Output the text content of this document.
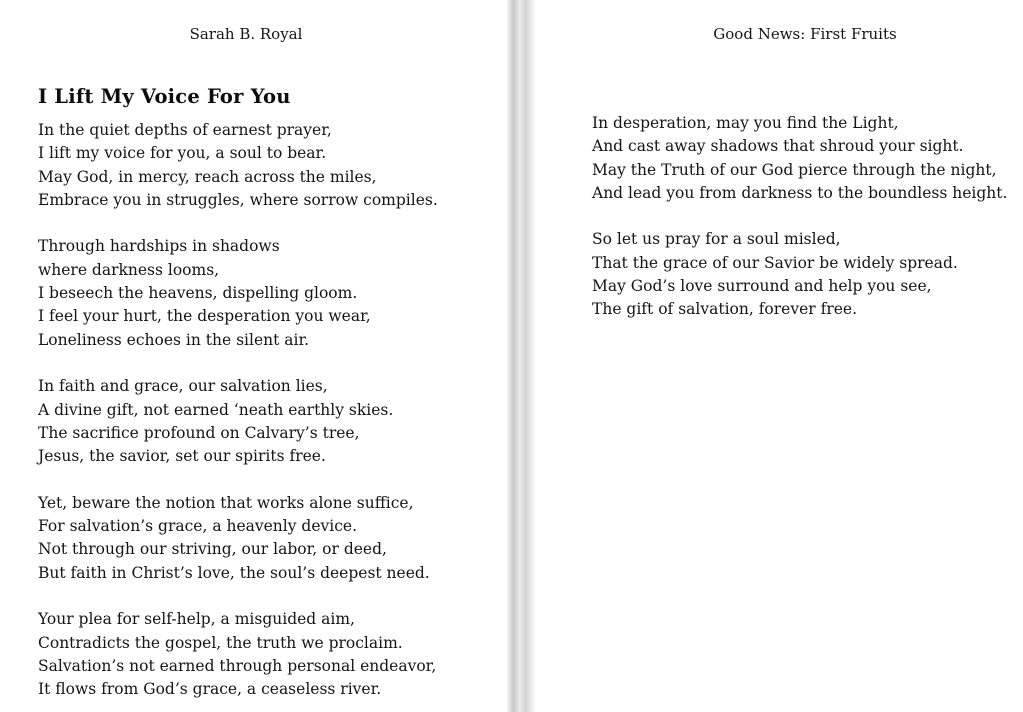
Sarah B. Royal
I Lift My Voice For You

In the quiet depths of earnest prayer,
I lift my voice for you, a soul to bear.
May God, in mercy, reach across the miles,
Embrace you in struggles, where sorrow compiles.

Through hardships in shadows
where darkness looms,
I beseech the heavens, dispelling gloom.
I feel your hurt, the desperation you wear,
Loneliness echoes in the silent air.

In faith and grace, our salvation lies,
A divine gift, not earned ‘neath earthly skies.
The sacrifice profound on Calvary’s tree,
Jesus, the savior, set our spirits free.

Yet, beware the notion that works alone suffice,
For salvation’s grace, a heavenly device.
Not through our striving, our labor, or deed,
But faith in Christ’s love, the soul’s deepest need.

Your plea for self-help, a misguided aim,
Contradicts the gospel, the truth we proclaim.
Salvation’s not earned through personal endeavor,
It flows from God’s grace, a ceaseless river.

Good News: First Fruits

In desperation, may you find the Light,
And cast away shadows that shroud your sight.
May the Truth of our God pierce through the night,
And lead you from darkness to the boundless height.

So let us pray for a soul misled,
That the grace of our Savior be widely spread.
May God’s love surround and help you see,
The gift of salvation, forever free.
